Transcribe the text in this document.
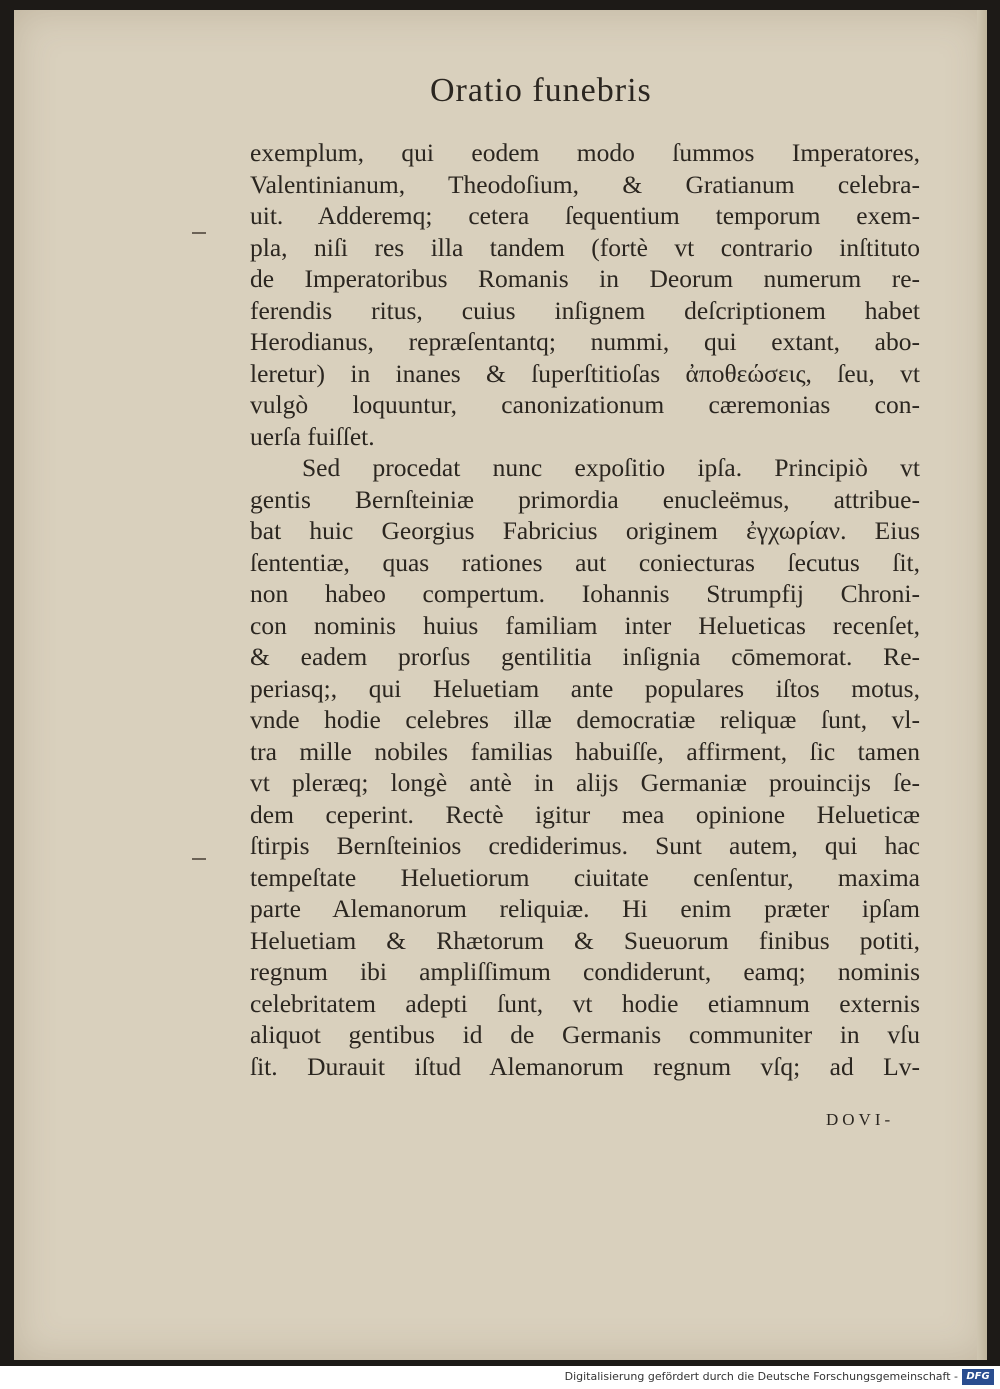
Oratio funebris
exemplum, qui eodem modo ſummos Imperatores,
Valentinianum, Theodoſium, & Gratianum celebra-
uit. Adderemq; cetera ſequentium temporum exem-
pla, niſi res illa tandem (fortè vt contrario inſtituto
de Imperatoribus Romanis in Deorum numerum re-
ferendis ritus, cuius inſignem deſcriptionem habet
Herodianus, repræſentantq; nummi, qui extant, abo-
leretur) in inanes & ſuperſtitioſas ἀποθεώσεις, ſeu, vt
vulgò loquuntur, canonizationum cæremonias con-
uerſa fuiſſet.
Sed procedat nunc expoſitio ipſa. Principiò vt
gentis Bernſteiniæ primordia enucleëmus, attribue-
bat huic Georgius Fabricius originem ἐγχωρίαν. Eius
ſententiæ, quas rationes aut coniecturas ſecutus ſit,
non habeo compertum. Iohannis Strumpfij Chroni-
con nominis huius familiam inter Helueticas recenſet,
& eadem prorſus gentilitia inſignia cōmemorat. Re-
periasq;, qui Heluetiam ante populares iſtos motus,
vnde hodie celebres illæ democratiæ reliquæ ſunt, vl-
tra mille nobiles familias habuiſſe, affirment, ſic tamen
vt pleræq; longè antè in alijs Germaniæ prouincijs ſe-
dem ceperint. Rectè igitur mea opinione Helueticæ
ſtirpis Bernſteinios crediderimus. Sunt autem, qui hac
tempeſtate Heluetiorum ciuitate cenſentur, maxima
parte Alemanorum reliquiæ. Hi enim præter ipſam
Heluetiam & Rhætorum & Sueuorum finibus potiti,
regnum ibi ampliſſimum condiderunt, eamq; nominis
celebritatem adepti ſunt, vt hodie etiamnum externis
aliquot gentibus id de Germanis communiter in vſu
ſit. Durauit iſtud Alemanorum regnum vſq; ad Lv-
DOVI-
Digitalisierung gefördert durch die Deutsche Forschungsgemeinschaft - DFG
